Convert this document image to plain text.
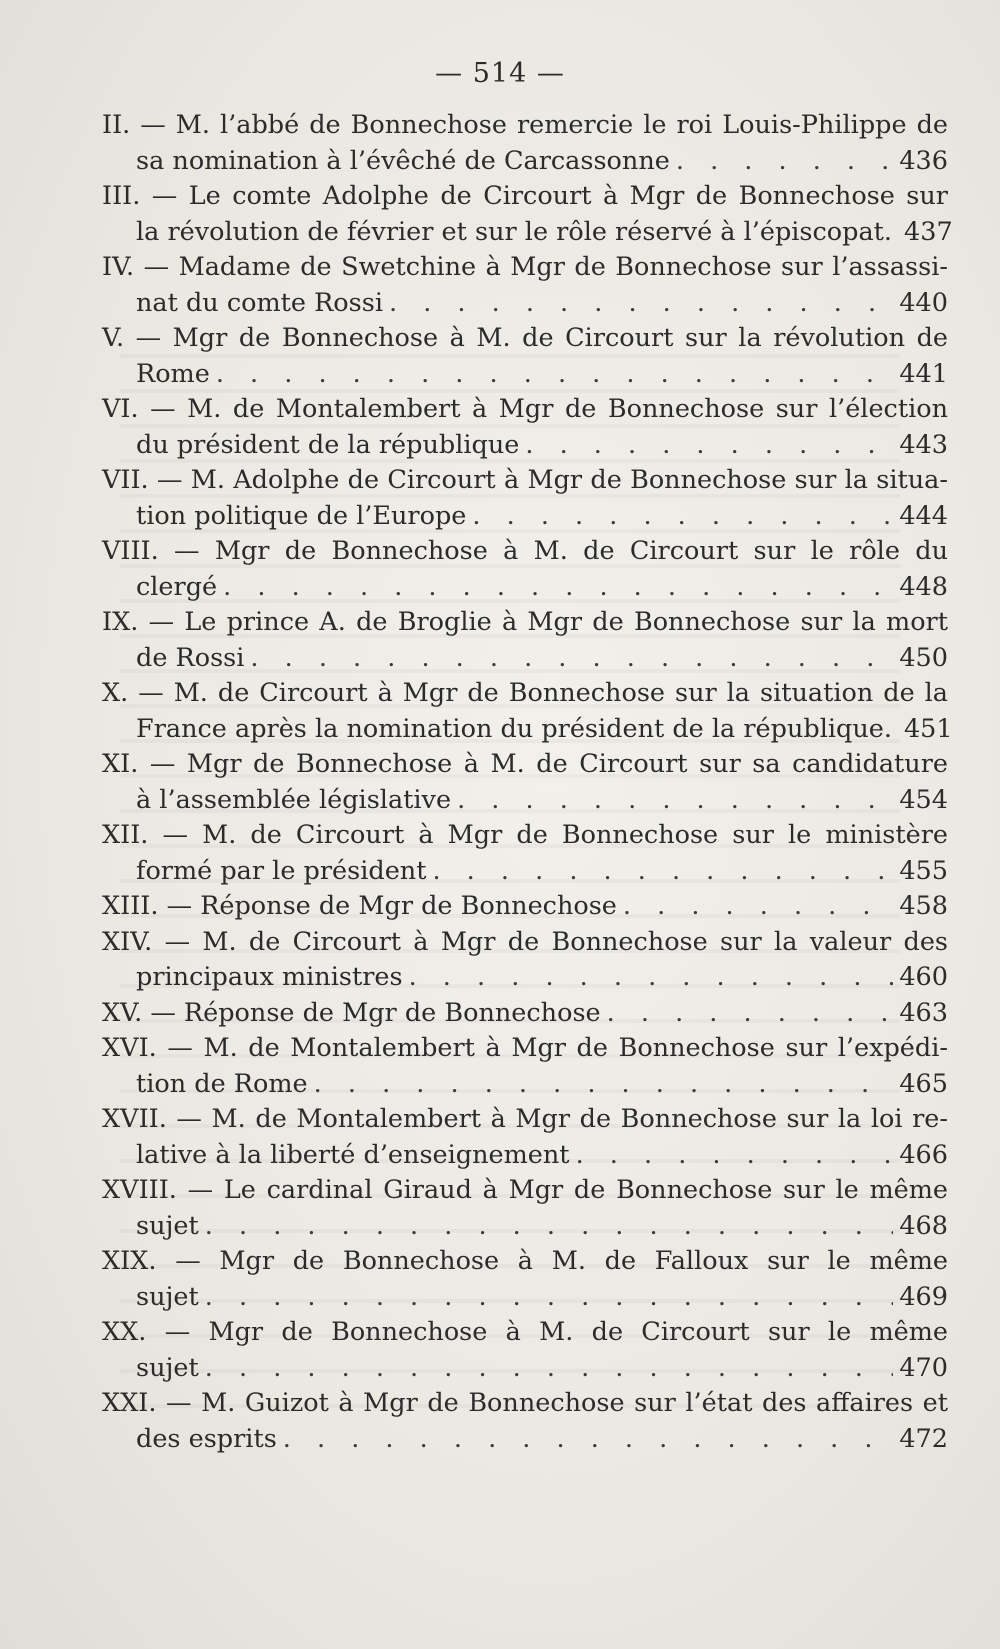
— 514 —
II. — M. l’abbé de Bonnechose remercie le roi Louis-Philippe de
sa nomination à l’évêché de Carcassonne . . .	436
III. — Le comte Adolphe de Circourt à Mgr de Bonnechose sur
la révolution de février et sur le rôle réservé à l’épiscopat. . . . 437
IV. — Madame de Swetchine à Mgr de Bonnechose sur l’assassi-
nat du comte Rossi . . .	440
V. — Mgr de Bonnechose à M. de Circourt sur la révolution de
Rome . . .	441
VI. — M. de Montalembert à Mgr de Bonnechose sur l’élection
du président de la république . . .	443
VII. — M. Adolphe de Circourt à Mgr de Bonnechose sur la situa-
tion politique de l’Europe . . .	444
VIII. — Mgr de Bonnechose à M. de Circourt sur le rôle du
clergé . . .	448
IX. — Le prince A. de Broglie à Mgr de Bonnechose sur la mort
de Rossi . . .	450
X. — M. de Circourt à Mgr de Bonnechose sur la situation de la
France après la nomination du président de la république. . . . 451
XI. — Mgr de Bonnechose à M. de Circourt sur sa candidature
à l’assemblée législative . . .	454
XII. — M. de Circourt à Mgr de Bonnechose sur le ministère
formé par le président . . .	455
XIII. — Réponse de Mgr de Bonnechose . . .	458
XIV. — M. de Circourt à Mgr de Bonnechose sur la valeur des
principaux ministres . . .	460
XV. — Réponse de Mgr de Bonnechose . . .	463
XVI. — M. de Montalembert à Mgr de Bonnechose sur l’expédi-
tion de Rome . . .	465
XVII. — M. de Montalembert à Mgr de Bonnechose sur la loi re-
lative à la liberté d’enseignement . . .	466
XVIII. — Le cardinal Giraud à Mgr de Bonnechose sur le même
sujet . . .	468
XIX. — Mgr de Bonnechose à M. de Falloux sur le même
sujet . . .	469
XX. — Mgr de Bonnechose à M. de Circourt sur le même
sujet . . .	470
XXI. — M. Guizot à Mgr de Bonnechose sur l’état des affaires et
des esprits . . .	472
